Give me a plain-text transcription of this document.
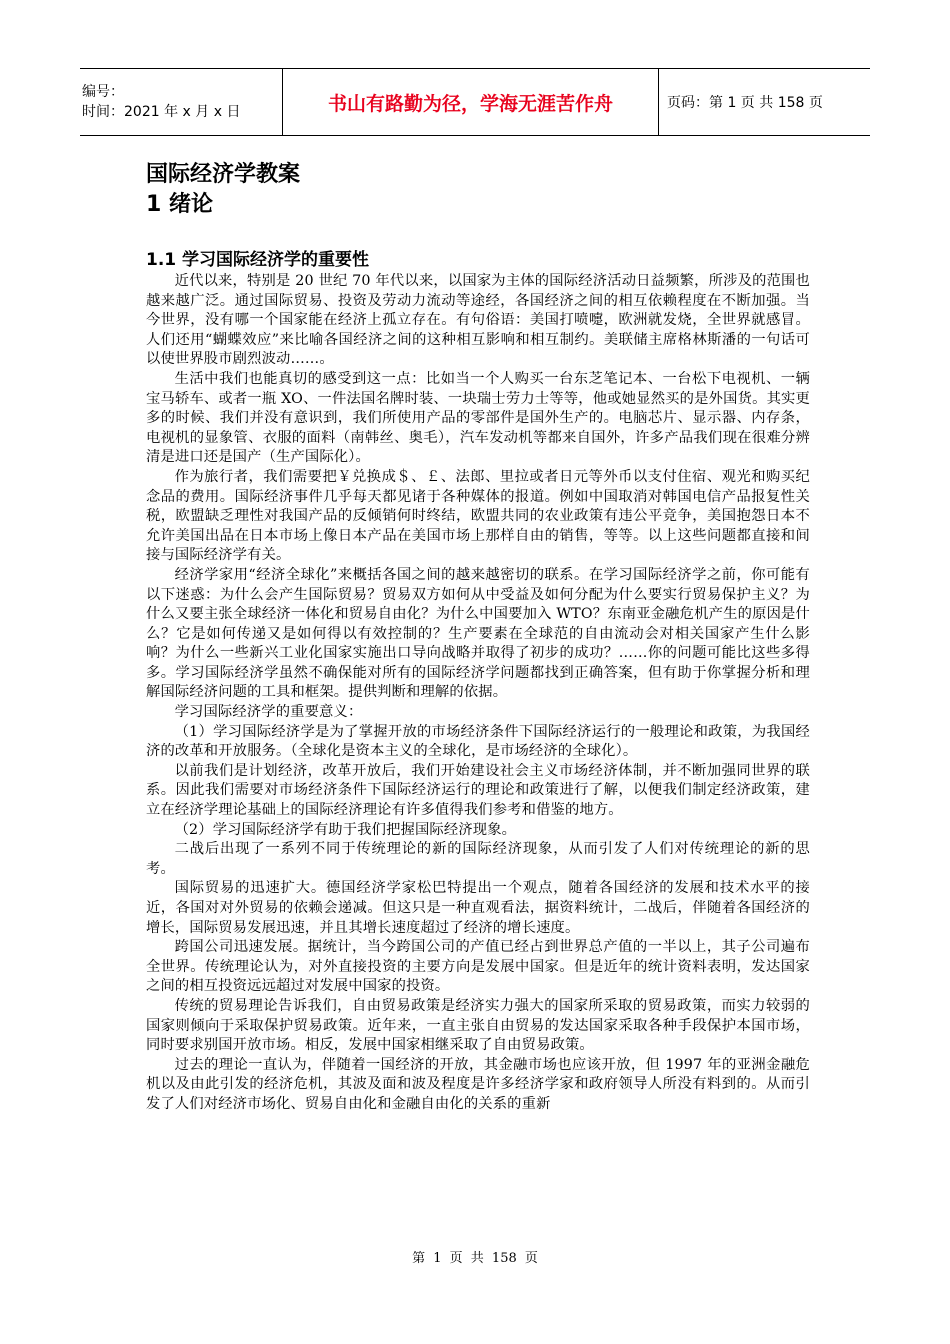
编号：
时间：2021 年 x 月 x 日	书山有路勤为径，学海无涯苦作舟	页码：第 1 页 共 158 页
国际经济学教案
1 绪论
1.1 学习国际经济学的重要性

近代以来，特别是 20 世纪 70 年代以来，以国家为主体的国际经济活动日益频繁，所涉及的范围也越来越广泛。通过国际贸易、投资及劳动力流动等途经，各国经济之间的相互依赖程度在不断加强。当今世界，没有哪一个国家能在经济上孤立存在。有句俗语：美国打喷嚏，欧洲就发烧，全世界就感冒。人们还用“蝴蝶效应”来比喻各国经济之间的这种相互影响和相互制约。美联储主席格林斯潘的一句话可以使世界股市剧烈波动……。

生活中我们也能真切的感受到这一点：比如当一个人购买一台东芝笔记本、一台松下电视机、一辆宝马轿车、或者一瓶 XO、一件法国名牌时装、一块瑞士劳力士等等，他或她显然买的是外国货。其实更多的时候、我们并没有意识到，我们所使用产品的零部件是国外生产的。电脑芯片、显示器、内存条，电视机的显象管、衣服的面料（南韩丝、奥毛），汽车发动机等都来自国外，许多产品我们现在很难分辨清是进口还是国产（生产国际化）。

作为旅行者，我们需要把￥兑换成＄、￡、法郎、里拉或者日元等外币以支付住宿、观光和购买纪念品的费用。国际经济事件几乎每天都见诸于各种媒体的报道。例如中国取消对韩国电信产品报复性关税，欧盟缺乏理性对我国产品的反倾销何时终结，欧盟共同的农业政策有违公平竞争，美国抱怨日本不允许美国出品在日本市场上像日本产品在美国市场上那样自由的销售，等等。以上这些问题都直接和间接与国际经济学有关。

经济学家用“经济全球化”来概括各国之间的越来越密切的联系。在学习国际经济学之前，你可能有以下迷惑：为什么会产生国际贸易？贸易双方如何从中受益及如何分配为什么要实行贸易保护主义？为什么又要主张全球经济一体化和贸易自由化？为什么中国要加入 WTO？东南亚金融危机产生的原因是什么？它是如何传递又是如何得以有效控制的？生产要素在全球范的自由流动会对相关国家产生什么影响？为什么一些新兴工业化国家实施出口导向战略并取得了初步的成功？……你的问题可能比这些多得多。学习国际经济学虽然不确保能对所有的国际经济学问题都找到正确答案，但有助于你掌握分析和理解国际经济问题的工具和框架。提供判断和理解的依据。

学习国际经济学的重要意义：

（1）学习国际经济学是为了掌握开放的市场经济条件下国际经济运行的一般理论和政策，为我国经济的改革和开放服务。（全球化是资本主义的全球化，是市场经济的全球化）。

以前我们是计划经济，改革开放后，我们开始建设社会主义市场经济体制，并不断加强同世界的联系。因此我们需要对市场经济条件下国际经济运行的理论和政策进行了解，以便我们制定经济政策，建立在经济学理论基础上的国际经济理论有许多值得我们参考和借鉴的地方。

（2）学习国际经济学有助于我们把握国际经济现象。

二战后出现了一系列不同于传统理论的新的国际经济现象，从而引发了人们对传统理论的新的思考。

国际贸易的迅速扩大。德国经济学家松巴特提出一个观点，随着各国经济的发展和技术水平的接近，各国对对外贸易的依赖会递减。但这只是一种直观看法，据资料统计，二战后，伴随着各国经济的增长，国际贸易发展迅速，并且其增长速度超过了经济的增长速度。

跨国公司迅速发展。据统计，当今跨国公司的产值已经占到世界总产值的一半以上，其子公司遍布全世界。传统理论认为，对外直接投资的主要方向是发展中国家。但是近年的统计资料表明，发达国家之间的相互投资远远超过对发展中国家的投资。

传统的贸易理论告诉我们，自由贸易政策是经济实力强大的国家所采取的贸易政策，而实力较弱的国家则倾向于采取保护贸易政策。近年来，一直主张自由贸易的发达国家采取各种手段保护本国市场，同时要求别国开放市场。相反，发展中国家相继采取了自由贸易政策。

过去的理论一直认为，伴随着一国经济的开放，其金融市场也应该开放，但 1997 年的亚洲金融危机以及由此引发的经济危机，其波及面和波及程度是许多经济学家和政府领导人所没有料到的。从而引发了人们对经济市场化、贸易自由化和金融自由化的关系的重新

第 1 页 共 158 页
